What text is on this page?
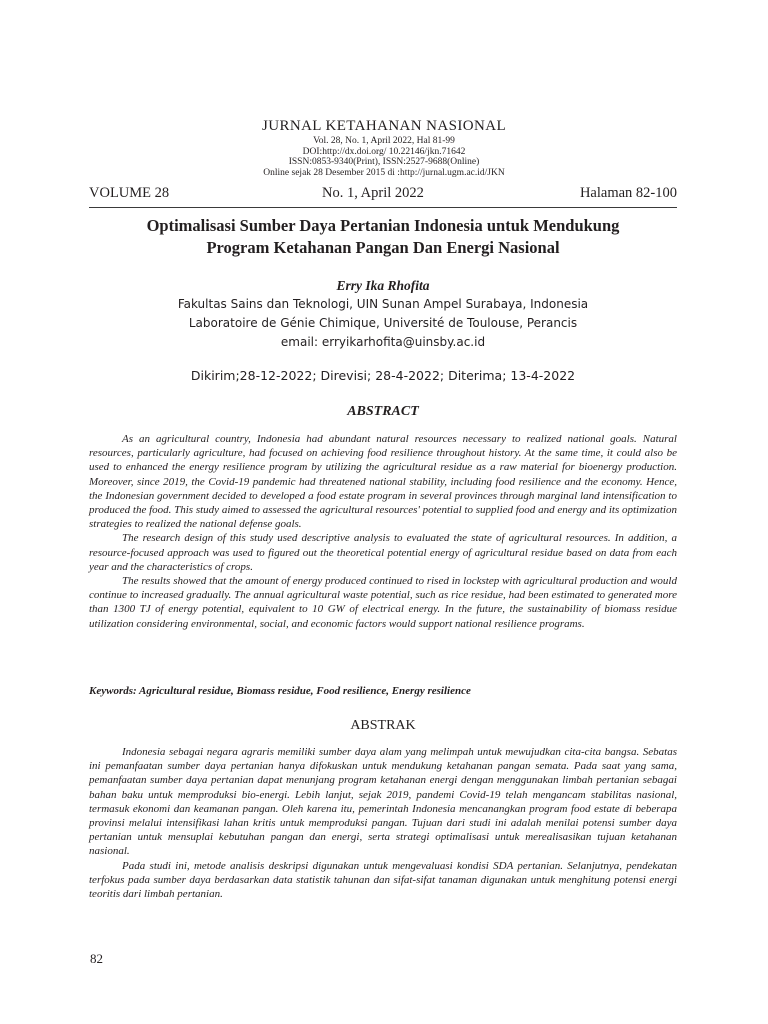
JURNAL KETAHANAN NASIONAL
Vol. 28, No. 1, April 2022, Hal 81-99
DOI:http://dx.doi.org/ 10.22146/jkn.71642
ISSN:0853-9340(Print), ISSN:2527-9688(Online)
Online sejak 28 Desember 2015 di :http://jurnal.ugm.ac.id/JKN
VOLUME 28	No. 1, April 2022	Halaman 82-100
Optimalisasi Sumber Daya Pertanian Indonesia untuk Mendukung
Program Ketahanan Pangan Dan Energi Nasional
Erry Ika Rhofita
Fakultas Sains dan Teknologi, UIN Sunan Ampel Surabaya, Indonesia
Laboratoire de Génie Chimique, Université de Toulouse, Perancis
email: erryikarhofita@uinsby.ac.id
Dikirim;28-12-2022; Direvisi; 28-4-2022; Diterima; 13-4-2022
ABSTRACT

As an agricultural country, Indonesia had abundant natural resources necessary to realized national goals. Natural resources, particularly agriculture, had focused on achieving food resilience throughout history. At the same time, it could also be used to enhanced the energy resilience program by utilizing the agricultural residue as a raw material for bioenergy production. Moreover, since 2019, the Covid-19 pandemic had threatened national stability, including food resilience and the economy. Hence, the Indonesian government decided to developed a food estate program in several provinces through marginal land intensification to produced the food. This study aimed to assessed the agricultural resources' potential to supplied food and energy and its optimization strategies to realized the national defense goals.

The research design of this study used descriptive analysis to evaluated the state of agricultural resources. In addition, a resource-focused approach was used to figured out the theoretical potential energy of agricultural residue based on data from each year and the characteristics of crops.

The results showed that the amount of energy produced continued to rised in lockstep with agricultural production and would continue to increased gradually. The annual agricultural waste potential, such as rice residue, had been estimated to generated more than 1300 TJ of energy potential, equivalent to 10 GW of electrical energy. In the future, the sustainability of biomass residue utilization considering environmental, social, and economic factors would support national resilience programs.

Keywords: Agricultural residue, Biomass residue, Food resilience, Energy resilience
ABSTRAK

Indonesia sebagai negara agraris memiliki sumber daya alam yang melimpah untuk mewujudkan cita-cita bangsa. Sebatas ini pemanfaatan sumber daya pertanian hanya difokuskan untuk mendukung ketahanan pangan semata. Pada saat yang sama, pemanfaatan sumber daya pertanian dapat menunjang program ketahanan energi dengan menggunakan limbah pertanian sebagai bahan baku untuk memproduksi bio-energi. Lebih lanjut, sejak 2019, pandemi Covid-19 telah mengancam stabilitas nasional, termasuk ekonomi dan keamanan pangan. Oleh karena itu, pemerintah Indonesia mencanangkan program food estate di beberapa provinsi melalui intensifikasi lahan kritis untuk memproduksi pangan. Tujuan dari studi ini adalah menilai potensi sumber daya pertanian untuk mensuplai kebutuhan pangan dan energi, serta strategi optimalisasi untuk merealisasikan tujuan ketahanan nasional.

Pada studi ini, metode analisis deskripsi digunakan untuk mengevaluasi kondisi SDA pertanian. Selanjutnya, pendekatan terfokus pada sumber daya berdasarkan data statistik tahunan dan sifat-sifat tanaman digunakan untuk menghitung potensi energi teoritis dari limbah pertanian.

82
